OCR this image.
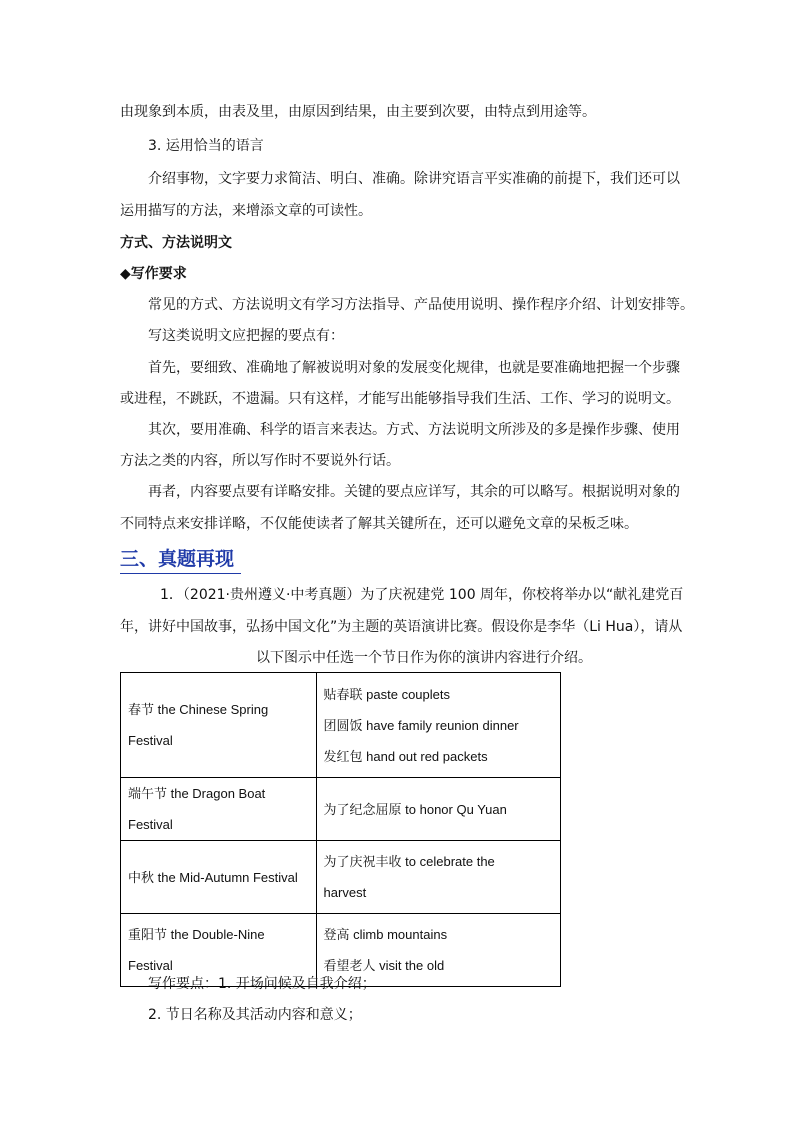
由现象到本质，由表及里，由原因到结果，由主要到次要，由特点到用途等。
3. 运用恰当的语言
介绍事物，文字要力求简洁、明白、准确。除讲究语言平实准确的前提下，我们还可以
运用描写的方法，来增添文章的可读性。
方式、方法说明文
◆写作要求
常见的方式、方法说明文有学习方法指导、产品使用说明、操作程序介绍、计划安排等。
写这类说明文应把握的要点有：
首先，要细致、准确地了解被说明对象的发展变化规律，也就是要准确地把握一个步骤
或进程，不跳跃，不遗漏。只有这样，才能写出能够指导我们生活、工作、学习的说明文。
其次，要用准确、科学的语言来表达。方式、方法说明文所涉及的多是操作步骤、使用
方法之类的内容，所以写作时不要说外行话。
再者，内容要点要有详略安排。关键的要点应详写，其余的可以略写。根据说明对象的
不同特点来安排详略，不仅能使读者了解其关键所在，还可以避免文章的呆板乏味。
三、真题再现
1．（2021·贵州遵义·中考真题）为了庆祝建党 100 周年，你校将举办以“献礼建党百
年，讲好中国故事，弘扬中国文化”为主题的英语演讲比赛。假设你是李华（Li Hua），请从
以下图示中任选一个节日作为你的演讲内容进行介绍。
春节 the Chinese Spring Festival	贴春联 paste couplets
团圆饭 have family reunion dinner
发红包 hand out red packets

端午节 the Dragon Boat Festival	为了纪念屈原 to honor Qu Yuan

中秋 the Mid-Autumn Festival	为了庆祝丰收 to celebrate the
harvest

重阳节 the Double-Nine
Festival	登高 climb mountains
看望老人 visit the old
写作要点：1. 开场问候及自我介绍；
2. 节日名称及其活动内容和意义；
